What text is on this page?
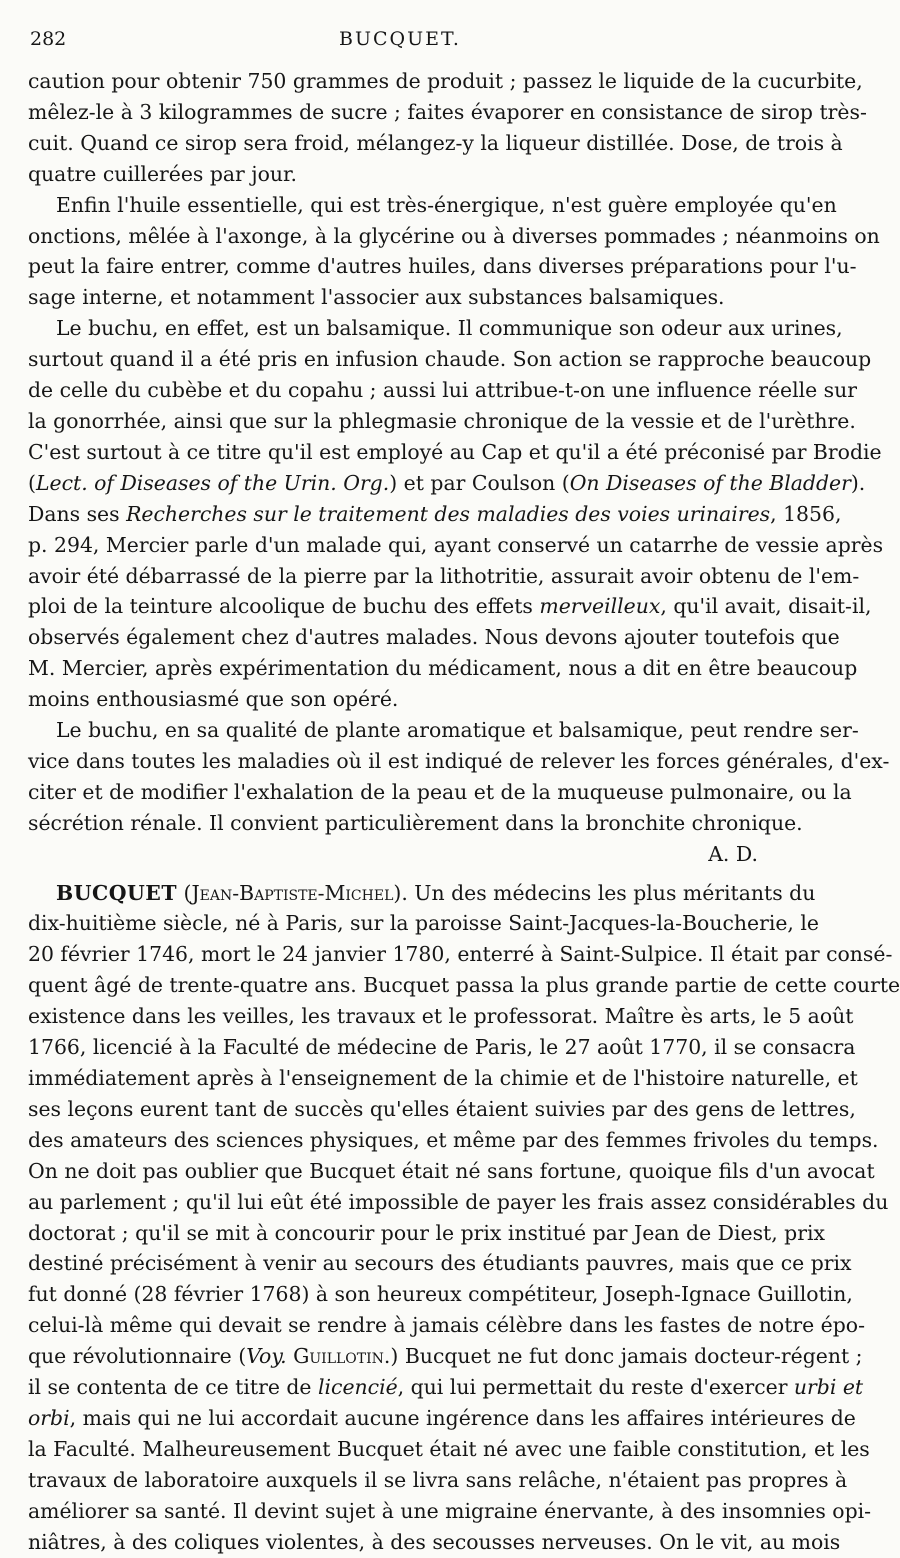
282	BUCQUET.

caution pour obtenir 750 grammes de produit ; passez le liquide de la cucurbite,
mêlez-le à 3 kilogrammes de sucre ; faites évaporer en consistance de sirop très-
cuit. Quand ce sirop sera froid, mélangez-y la liqueur distillée. Dose, de trois à
quatre cuillerées par jour.

Enfin l'huile essentielle, qui est très-énergique, n'est guère employée qu'en
onctions, mêlée à l'axonge, à la glycérine ou à diverses pommades ; néanmoins on
peut la faire entrer, comme d'autres huiles, dans diverses préparations pour l'u-
sage interne, et notamment l'associer aux substances balsamiques.

Le buchu, en effet, est un balsamique. Il communique son odeur aux urines,
surtout quand il a été pris en infusion chaude. Son action se rapproche beaucoup
de celle du cubèbe et du copahu ; aussi lui attribue-t-on une influence réelle sur
la gonorrhée, ainsi que sur la phlegmasie chronique de la vessie et de l'urèthre.
C'est surtout à ce titre qu'il est employé au Cap et qu'il a été préconisé par Brodie
(Lect. of Diseases of the Urin. Org.) et par Coulson (On Diseases of the Bladder).
Dans ses Recherches sur le traitement des maladies des voies urinaires, 1856,
p. 294, Mercier parle d'un malade qui, ayant conservé un catarrhe de vessie après
avoir été débarrassé de la pierre par la lithotritie, assurait avoir obtenu de l'em-
ploi de la teinture alcoolique de buchu des effets merveilleux, qu'il avait, disait-il,
observés également chez d'autres malades. Nous devons ajouter toutefois que
M. Mercier, après expérimentation du médicament, nous a dit en être beaucoup
moins enthousiasmé que son opéré.

Le buchu, en sa qualité de plante aromatique et balsamique, peut rendre ser-
vice dans toutes les maladies où il est indiqué de relever les forces générales, d'ex-
citer et de modifier l'exhalation de la peau et de la muqueuse pulmonaire, ou la
sécrétion rénale. Il convient particulièrement dans la bronchite chronique.
A. D.

BUCQUET (Jean-Baptiste-Michel). Un des médecins les plus méritants du
dix-huitième siècle, né à Paris, sur la paroisse Saint-Jacques-la-Boucherie, le
20 février 1746, mort le 24 janvier 1780, enterré à Saint-Sulpice. Il était par consé-
quent âgé de trente-quatre ans. Bucquet passa la plus grande partie de cette courte
existence dans les veilles, les travaux et le professorat. Maître ès arts, le 5 août
1766, licencié à la Faculté de médecine de Paris, le 27 août 1770, il se consacra
immédiatement après à l'enseignement de la chimie et de l'histoire naturelle, et
ses leçons eurent tant de succès qu'elles étaient suivies par des gens de lettres,
des amateurs des sciences physiques, et même par des femmes frivoles du temps.
On ne doit pas oublier que Bucquet était né sans fortune, quoique fils d'un avocat
au parlement ; qu'il lui eût été impossible de payer les frais assez considérables du
doctorat ; qu'il se mit à concourir pour le prix institué par Jean de Diest, prix
destiné précisément à venir au secours des étudiants pauvres, mais que ce prix
fut donné (28 février 1768) à son heureux compétiteur, Joseph-Ignace Guillotin,
celui-là même qui devait se rendre à jamais célèbre dans les fastes de notre épo-
que révolutionnaire (Voy. Guillotin.) Bucquet ne fut donc jamais docteur-régent ;
il se contenta de ce titre de licencié, qui lui permettait du reste d'exercer urbi et
orbi, mais qui ne lui accordait aucune ingérence dans les affaires intérieures de
la Faculté. Malheureusement Bucquet était né avec une faible constitution, et les
travaux de laboratoire auxquels il se livra sans relâche, n'étaient pas propres à
améliorer sa santé. Il devint sujet à une migraine énervante, à des insomnies opi-
niâtres, à des coliques violentes, à des secousses nerveuses. On le vit, au mois
